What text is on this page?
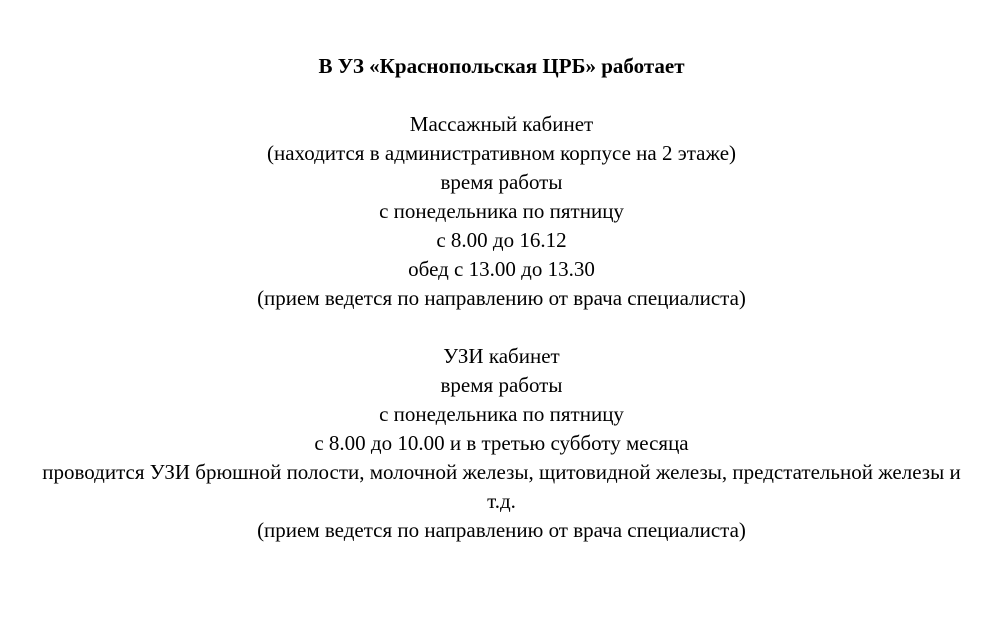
В УЗ «Краснопольская ЦРБ» работает

Массажный кабинет
(находится в административном корпусе на 2 этаже)
время работы
с понедельника по пятницу
с 8.00 до 16.12
обед с 13.00 до 13.30
(прием ведется по направлению от врача специалиста)
УЗИ кабинет
время работы
с понедельника по пятницу
с 8.00 до 10.00 и в третью субботу месяца
проводится УЗИ брюшной полости, молочной железы, щитовидной железы, предстательной железы и т.д.
(прием ведется по направлению от врача специалиста)
